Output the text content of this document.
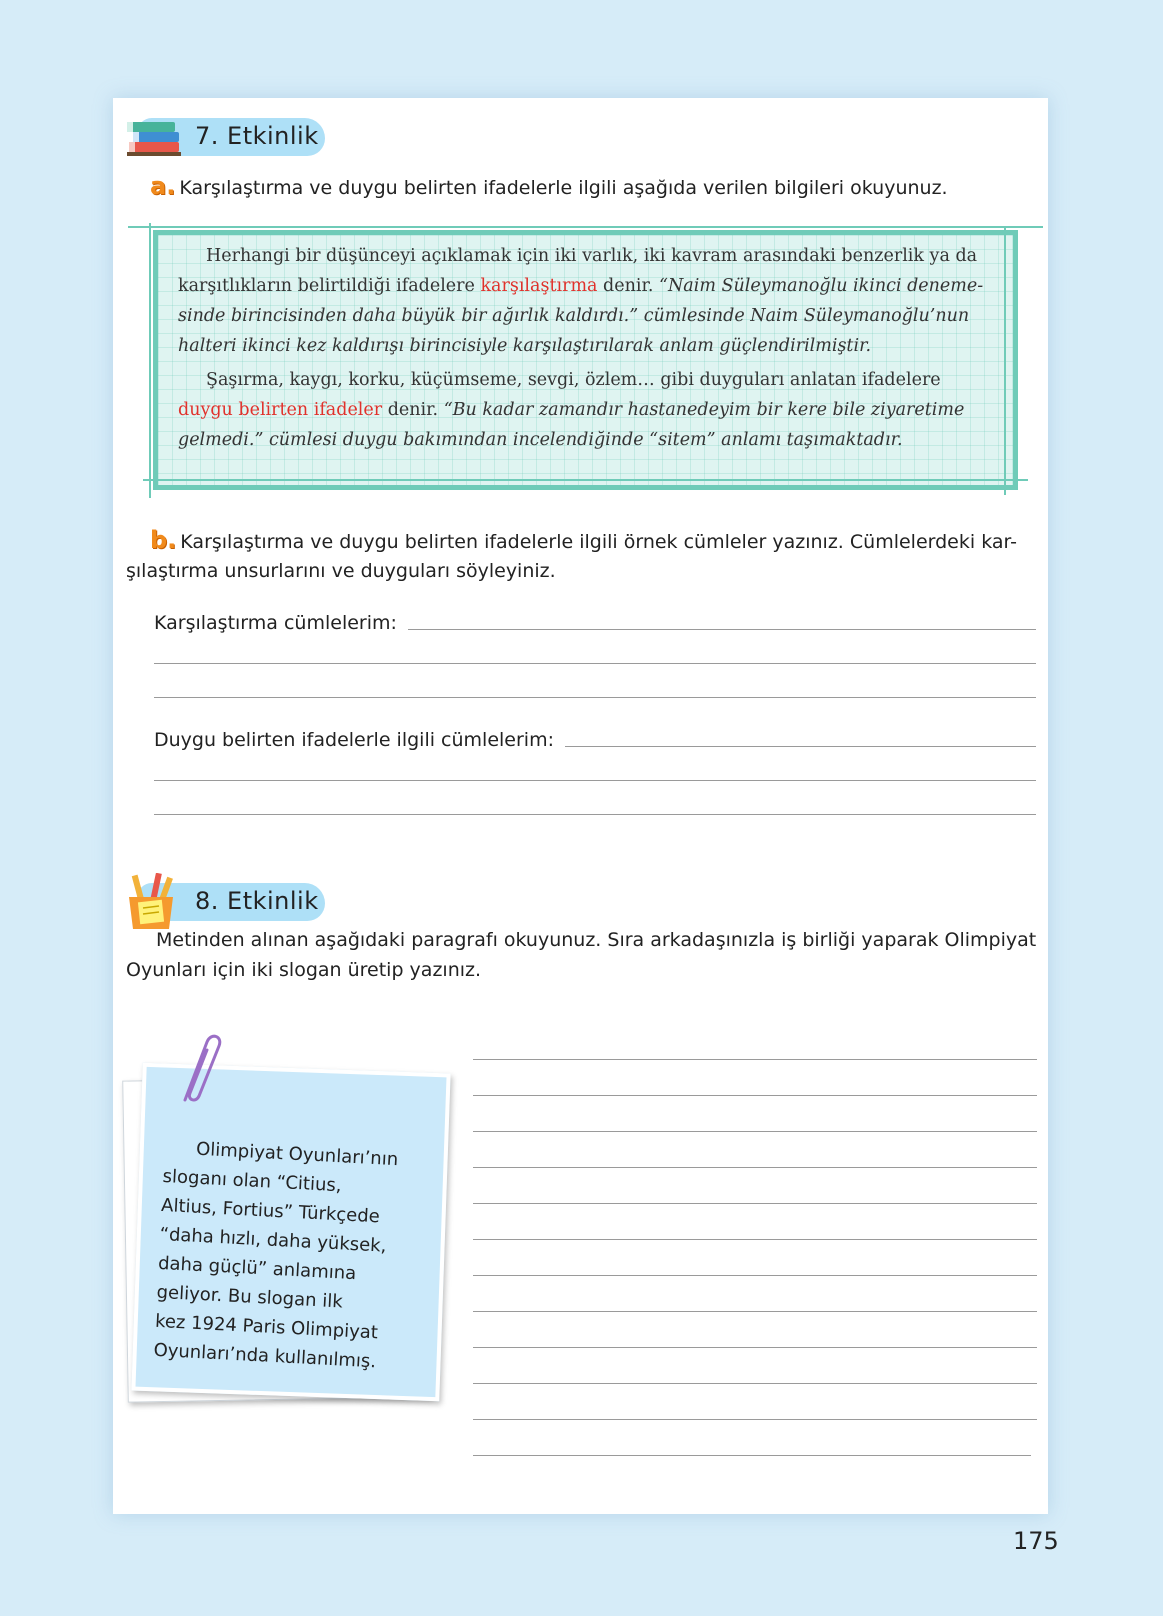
7. Etkinlik
a. Karşılaştırma ve duygu belirten ifadelerle ilgili aşağıda verilen bilgileri okuyunuz.
Herhangi bir düşünceyi açıklamak için iki varlık, iki kavram arasındaki benzerlik ya da
karşıtlıkların belirtildiği ifadelere karşılaştırma denir. “Naim Süleymanoğlu ikinci deneme-
sinde birincisinden daha büyük bir ağırlık kaldırdı.” cümlesinde Naim Süleymanoğlu’nun
halteri ikinci kez kaldırışı birincisiyle karşılaştırılarak anlam güçlendirilmiştir.
Şaşırma, kaygı, korku, küçümseme, sevgi, özlem… gibi duyguları anlatan ifadelere
duygu belirten ifadeler denir. “Bu kadar zamandır hastanedeyim bir kere bile ziyaretime
gelmedi.” cümlesi duygu bakımından incelendiğinde “sitem” anlamı taşımaktadır.
b. Karşılaştırma ve duygu belirten ifadelerle ilgili örnek cümleler yazınız. Cümlelerdeki kar-
şılaştırma unsurlarını ve duyguları söyleyiniz.
Karşılaştırma cümlelerim:
Duygu belirten ifadelerle ilgili cümlelerim:
8. Etkinlik
Metinden alınan aşağıdaki paragrafı okuyunuz. Sıra arkadaşınızla iş birliği yaparak Olimpiyat
Oyunları için iki slogan üretip yazınız.
Olimpiyat Oyunları’nın
sloganı olan “Citius,
Altius, Fortius” Türkçede
“daha hızlı, daha yüksek,
daha güçlü” anlamına
geliyor. Bu slogan ilk
kez 1924 Paris Olimpiyat
Oyunları’nda kullanılmış.
175
